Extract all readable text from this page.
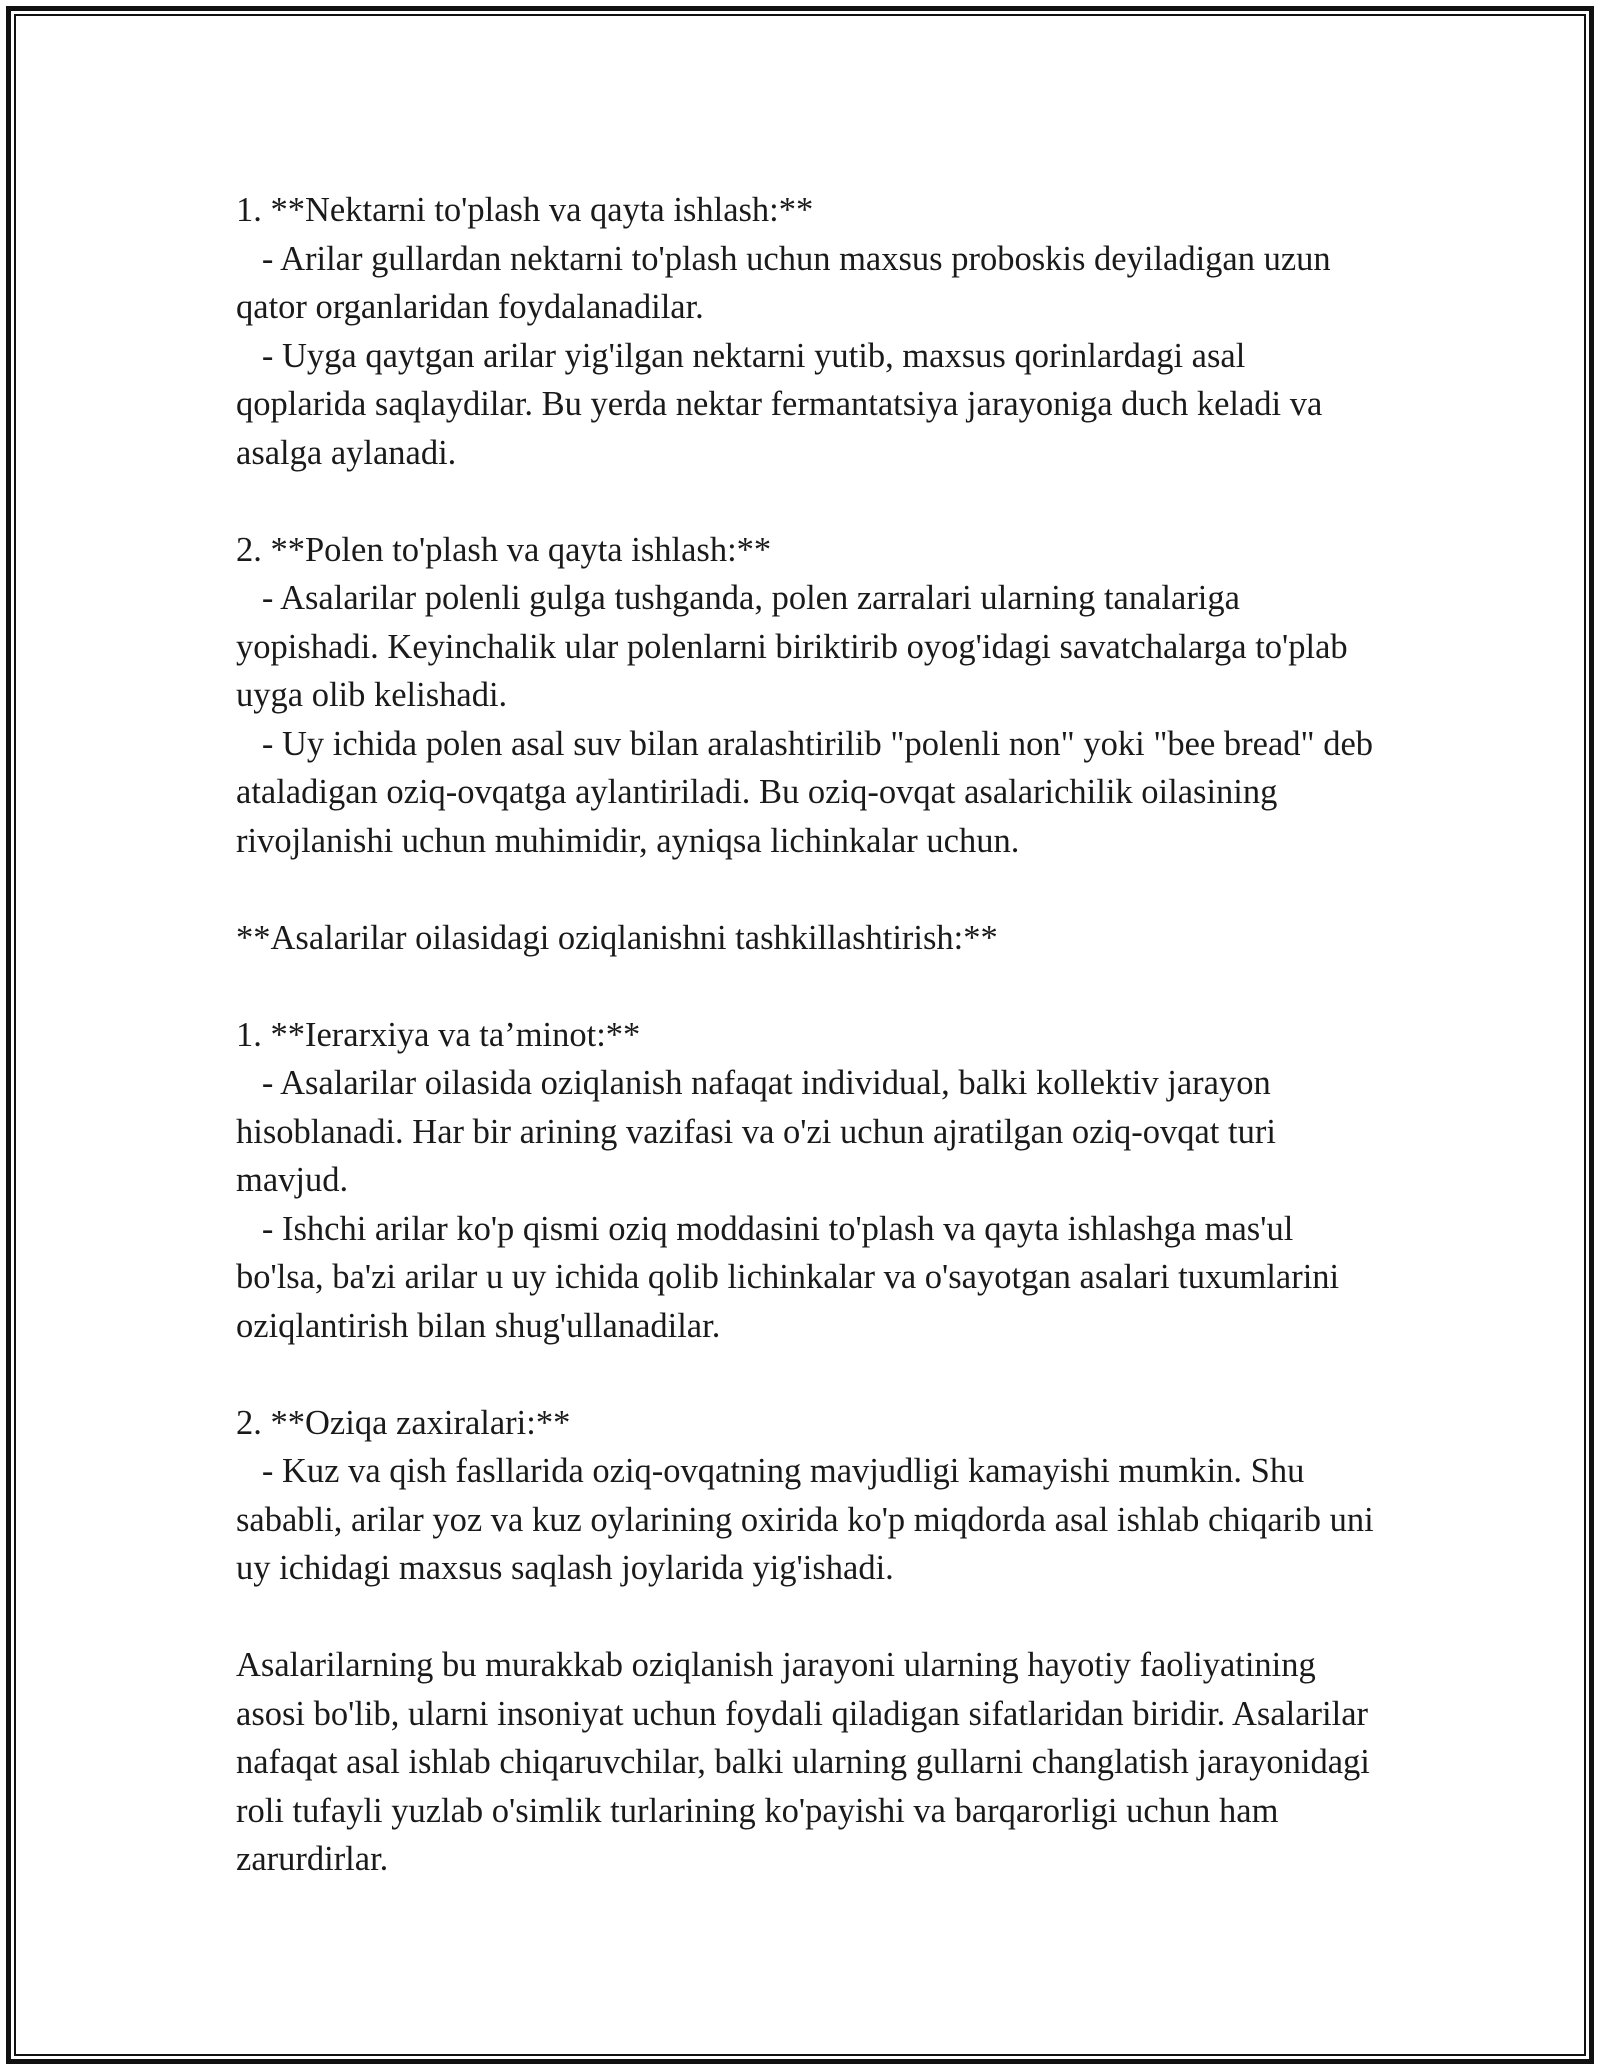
1. **Nektarni to'plash va qayta ishlash:**

- Arilar gullardan nektarni to'plash uchun maxsus proboskis deyiladigan uzun qator organlaridan foydalanadilar.

- Uyga qaytgan arilar yig'ilgan nektarni yutib, maxsus qorinlardagi asal qoplarida saqlaydilar. Bu yerda nektar fermantatsiya jarayoniga duch keladi va asalga aylanadi.

2. **Polen to'plash va qayta ishlash:**

- Asalarilar polenli gulga tushganda, polen zarralari ularning tanalariga yopishadi. Keyinchalik ular polenlarni biriktirib oyog'idagi savatchalarga to'plab uyga olib kelishadi.

- Uy ichida polen asal suv bilan aralashtirilib "polenli non" yoki "bee bread" deb ataladigan oziq-ovqatga aylantiriladi. Bu oziq-ovqat asalarichilik oilasining rivojlanishi uchun muhimidir, ayniqsa lichinkalar uchun.

**Asalarilar oilasidagi oziqlanishni tashkillashtirish:**

1. **Ierarxiya va ta’minot:**

- Asalarilar oilasida oziqlanish nafaqat individual, balki kollektiv jarayon hisoblanadi. Har bir arining vazifasi va o'zi uchun ajratilgan oziq-ovqat turi mavjud.

- Ishchi arilar ko'p qismi oziq moddasini to'plash va qayta ishlashga mas'ul bo'lsa, ba'zi arilar u uy ichida qolib lichinkalar va o'sayotgan asalari tuxumlarini oziqlantirish bilan shug'ullanadilar.

2. **Oziqa zaxiralari:**

- Kuz va qish fasllarida oziq-ovqatning mavjudligi kamayishi mumkin. Shu sababli, arilar yoz va kuz oylarining oxirida ko'p miqdorda asal ishlab chiqarib uni uy ichidagi maxsus saqlash joylarida yig'ishadi.

Asalarilarning bu murakkab oziqlanish jarayoni ularning hayotiy faoliyatining asosi bo'lib, ularni insoniyat uchun foydali qiladigan sifatlaridan biridir. Asalarilar nafaqat asal ishlab chiqaruvchilar, balki ularning gullarni changlatish jarayonidagi roli tufayli yuzlab o'simlik turlarining ko'payishi va barqarorligi uchun ham zarurdirlar.
